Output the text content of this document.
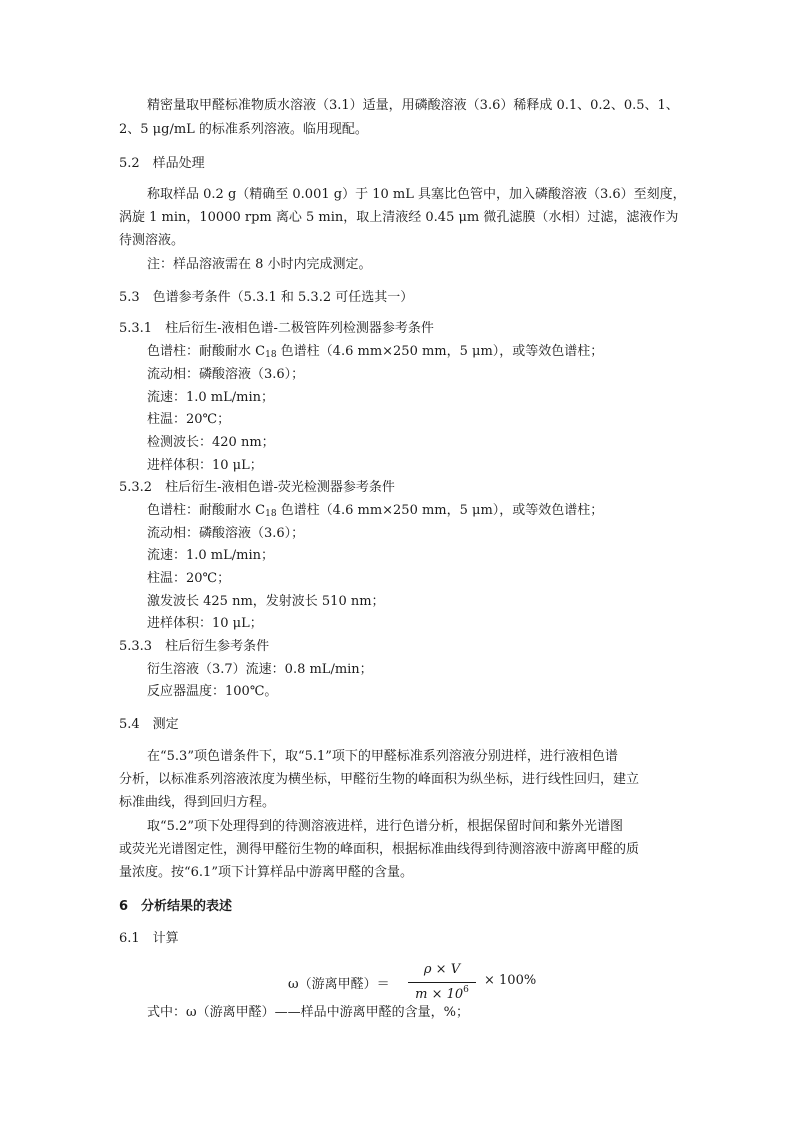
精密量取甲醛标准物质水溶液（3.1）适量，用磷酸溶液（3.6）稀释成 0.1、0.2、0.5、1、
2、5 μg/mL 的标准系列溶液。临用现配。
5.2　样品处理
称取样品 0.2 g（精确至 0.001 g）于 10 mL 具塞比色管中，加入磷酸溶液（3.6）至刻度，
涡旋 1 min，10000 rpm 离心 5 min，取上清液经 0.45 μm 微孔滤膜（水相）过滤，滤液作为
待测溶液。
注：样品溶液需在 8 小时内完成测定。
5.3　色谱参考条件（5.3.1 和 5.3.2 可任选其一）
5.3.1　柱后衍生-液相色谱-二极管阵列检测器参考条件
色谱柱：耐酸耐水 $C_{18}$ 色谱柱（4.6 mm×250 mm，5 μm），或等效色谱柱；
流动相：磷酸溶液（3.6）；
流速：1.0 mL/min；
柱温：20℃；
检测波长：420 nm；
进样体积：10 μL；
5.3.2　柱后衍生-液相色谱-荧光检测器参考条件
色谱柱：耐酸耐水 $C_{18}$ 色谱柱（4.6 mm×250 mm，5 μm），或等效色谱柱；
流动相：磷酸溶液（3.6）；
流速：1.0 mL/min；
柱温：20℃；
激发波长 425 nm，发射波长 510 nm；
进样体积：10 μL；
5.3.3　柱后衍生参考条件
衍生溶液（3.7）流速：0.8 mL/min；
反应器温度：100℃。
5.4　测定
在“5.3”项色谱条件下，取“5.1”项下的甲醛标准系列溶液分别进样，进行液相色谱
分析，以标准系列溶液浓度为横坐标，甲醛衍生物的峰面积为纵坐标，进行线性回归，建立
标准曲线，得到回归方程。
取“5.2”项下处理得到的待测溶液进样，进行色谱分析，根据保留时间和紫外光谱图
或荧光光谱图定性，测得甲醛衍生物的峰面积，根据标准曲线得到待测溶液中游离甲醛的质
量浓度。按“6.1”项下计算样品中游离甲醛的含量。
6　分析结果的表述
6.1　计算
ω（游离甲醛）＝
ρ × V
$m \times 10^6$
× 100%
式中：ω（游离甲醛）——样品中游离甲醛的含量，%；
